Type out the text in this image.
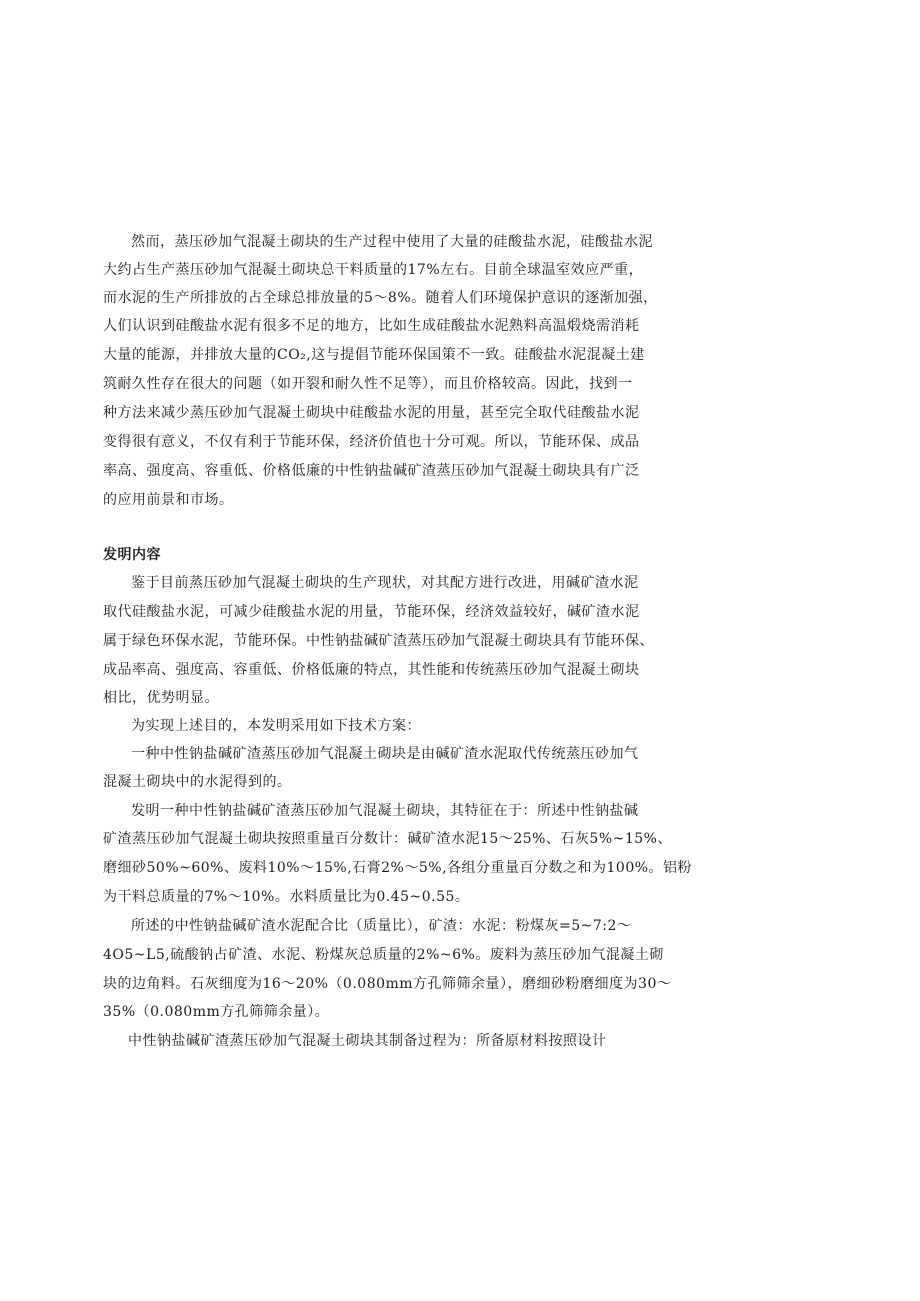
然而，蒸压砂加气混凝土砌块的生产过程中使用了大量的硅酸盐水泥，硅酸盐水泥
大约占生产蒸压砂加气混凝土砌块总干料质量的17%左右。目前全球温室效应严重，
而水泥的生产所排放的占全球总排放量的5～8%。随着人们环境保护意识的逐渐加强，
人们认识到硅酸盐水泥有很多不足的地方，比如生成硅酸盐水泥熟料高温煅烧需消耗
大量的能源，并排放大量的CO₂,这与提倡节能环保国策不一致。硅酸盐水泥混凝土建
筑耐久性存在很大的问题（如开裂和耐久性不足等），而且价格较高。因此，找到一
种方法来减少蒸压砂加气混凝土砌块中硅酸盐水泥的用量，甚至完全取代硅酸盐水泥
变得很有意义，不仅有利于节能环保，经济价值也十分可观。所以，节能环保、成品
率高、强度高、容重低、价格低廉的中性钠盐碱矿渣蒸压砂加气混凝土砌块具有广泛
的应用前景和市场。
发明内容
鉴于目前蒸压砂加气混凝土砌块的生产现状，对其配方进行改进，用碱矿渣水泥
取代硅酸盐水泥，可减少硅酸盐水泥的用量，节能环保，经济效益较好，碱矿渣水泥
属于绿色环保水泥，节能环保。中性钠盐碱矿渣蒸压砂加气混凝土砌块具有节能环保、
成品率高、强度高、容重低、价格低廉的特点，其性能和传统蒸压砂加气混凝土砌块
相比，优势明显。
为实现上述目的，本发明采用如下技术方案：
一种中性钠盐碱矿渣蒸压砂加气混凝土砌块是由碱矿渣水泥取代传统蒸压砂加气
混凝土砌块中的水泥得到的。
发明一种中性钠盐碱矿渣蒸压砂加气混凝土砌块，其特征在于：所述中性钠盐碱
矿渣蒸压砂加气混凝土砌块按照重量百分数计：碱矿渣水泥15～25%、石灰5%~15%、
磨细砂50%~60%、废料10%～15%,石膏2%～5%,各组分重量百分数之和为100%。铝粉
为干料总质量的7%～10%。水料质量比为0.45~0.55。
所述的中性钠盐碱矿渣水泥配合比（质量比），矿渣：水泥：粉煤灰=5~7:2～
4O5~L5,硫酸钠占矿渣、水泥、粉煤灰总质量的2%~6%。废料为蒸压砂加气混凝土砌
块的边角料。石灰细度为16～20%（0.080mm方孔筛筛余量），磨细砂粉磨细度为30～
35%（0.080mm方孔筛筛余量）。
中性钠盐碱矿渣蒸压砂加气混凝土砌块其制备过程为：所备原材料按照设计
